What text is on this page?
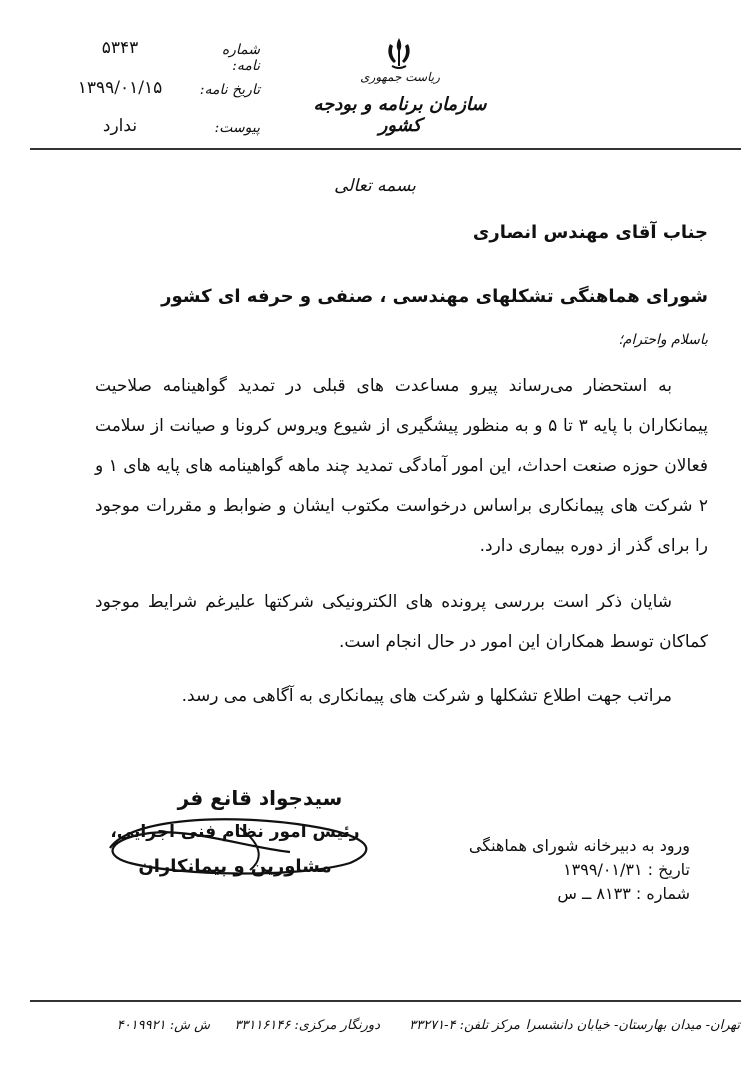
ریاست جمهوری
سازمان برنامه و بودجه کشور
شماره نامه:
۵۳۴۳
تاریخ نامه:
۱۳۹۹/۰۱/۱۵
پیوست:
ندارد
بسمه تعالی
جناب آقای مهندس انصاری
شورای هماهنگی تشکلهای مهندسی ، صنفی و حرفه ای کشور
باسلام واحترام؛
به استحضار می‌رساند پیرو مساعدت های قبلی در تمدید گواهینامه صلاحیت پیمانکاران با پایه ۳ تا ۵ و به منظور پیشگیری از شیوع ویروس کرونا و صیانت از سلامت فعالان حوزه صنعت احداث، این امور آمادگی تمدید چند ماهه گواهینامه های پایه های ۱ و ۲ شرکت های پیمانکاری براساس درخواست مکتوب ایشان و ضوابط و مقررات موجود را برای گذر از دوره بیماری دارد.
شایان ذکر است بررسی پرونده های الکترونیکی شرکتها علیرغم شرایط موجود کماکان توسط همکاران این امور در حال انجام است.
مراتب جهت اطلاع تشکلها و شرکت های پیمانکاری به آگاهی می رسد.
سیدجواد قانع فر
رئیس امور نظام فنی اجرایی،
مشاورین و پیمانکاران
ورود به دبیرخانه شورای هماهنگی
تاریخ : ۱۳۹۹/۰۱/۳۱
شماره : ۸۱۳۳ ــ س
تهران- میدان بهارستان- خیابان دانشسرا
مرکز تلفن: ۴-۳۳۲۷۱
دورنگار مرکزی: ۳۳۱۱۶۱۴۶
ش ش: ۴۰۱۹۹۲۱
